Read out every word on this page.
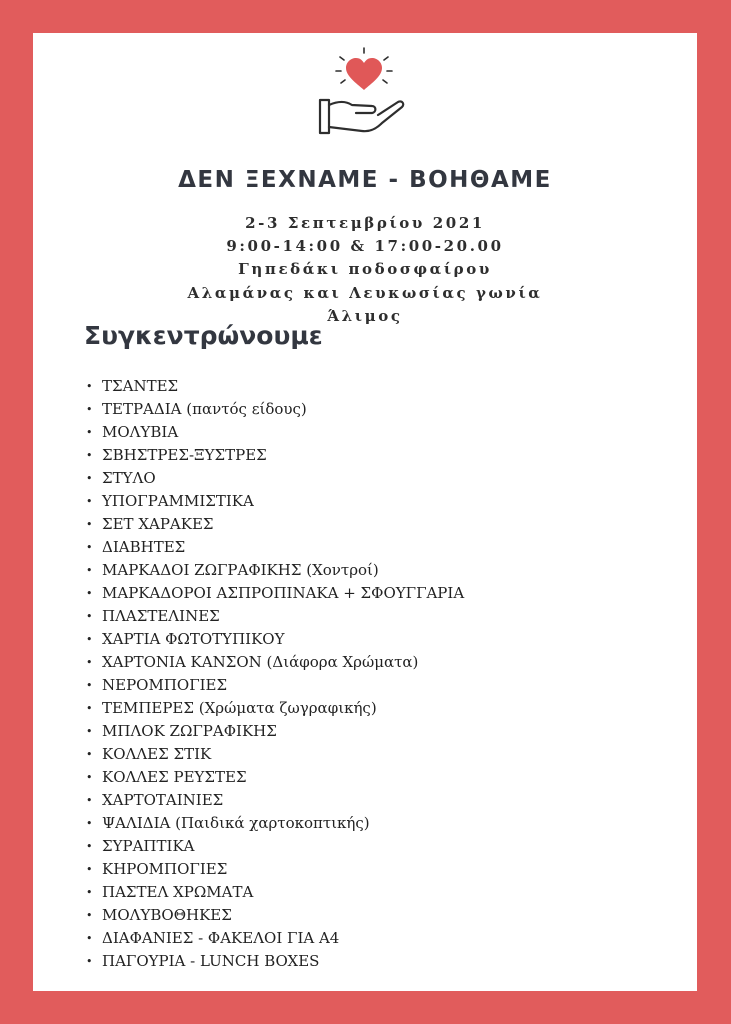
ΔΕΝ ΞΕΧΝΑΜΕ - ΒΟΗΘΑΜΕ
2-3 Σεπτεμβρίου 2021
9:00-14:00 & 17:00-20.00
Γηπεδάκι ποδοσφαίρου
Αλαμάνας και Λευκωσίας γωνία
Άλιμος
Συγκεντρώνουμε
• ΤΣΑΝΤΕΣ
• ΤΕΤΡΑΔΙΑ (παντός είδους)
• ΜΟΛΥΒΙΑ
• ΣΒΗΣΤΡΕΣ-ΞΥΣΤΡΕΣ
• ΣΤΥΛΟ
• ΥΠΟΓΡΑΜΜΙΣΤΙΚΑ
• ΣΕΤ ΧΑΡΑΚΕΣ
• ΔΙΑΒΗΤΕΣ
• ΜΑΡΚΑΔΟΙ ΖΩΓΡΑΦΙΚΗΣ (Χοντροί)
• ΜΑΡΚΑΔΟΡΟΙ ΑΣΠΡΟΠΙΝΑΚΑ + ΣΦΟΥΓΓΑΡΙΑ
• ΠΛΑΣΤΕΛΙΝΕΣ
• ΧΑΡΤΙΑ ΦΩΤΟΤΥΠΙΚΟΥ
• ΧΑΡΤΟΝΙΑ ΚΑΝΣΟΝ (Διάφορα Χρώματα)
• ΝΕΡΟΜΠΟΓΙΕΣ
• ΤΕΜΠΕΡΕΣ (Χρώματα ζωγραφικής)
• ΜΠΛΟΚ ΖΩΓΡΑΦΙΚΗΣ
• ΚΟΛΛΕΣ ΣΤΙΚ
• ΚΟΛΛΕΣ ΡΕΥΣΤΕΣ
• ΧΑΡΤΟΤΑΙΝΙΕΣ
• ΨΑΛΙΔΙΑ (Παιδικά χαρτοκοπτικής)
• ΣΥΡΑΠΤΙΚΑ
• ΚΗΡΟΜΠΟΓΙΕΣ
• ΠΑΣΤΕΛ ΧΡΩΜΑΤΑ
• ΜΟΛΥΒΟΘΗΚΕΣ
• ΔΙΑΦΑΝΙΕΣ - ΦΑΚΕΛΟΙ ΓΙΑ Α4
• ΠΑΓΟΥΡΙΑ - LUNCH BOXES
